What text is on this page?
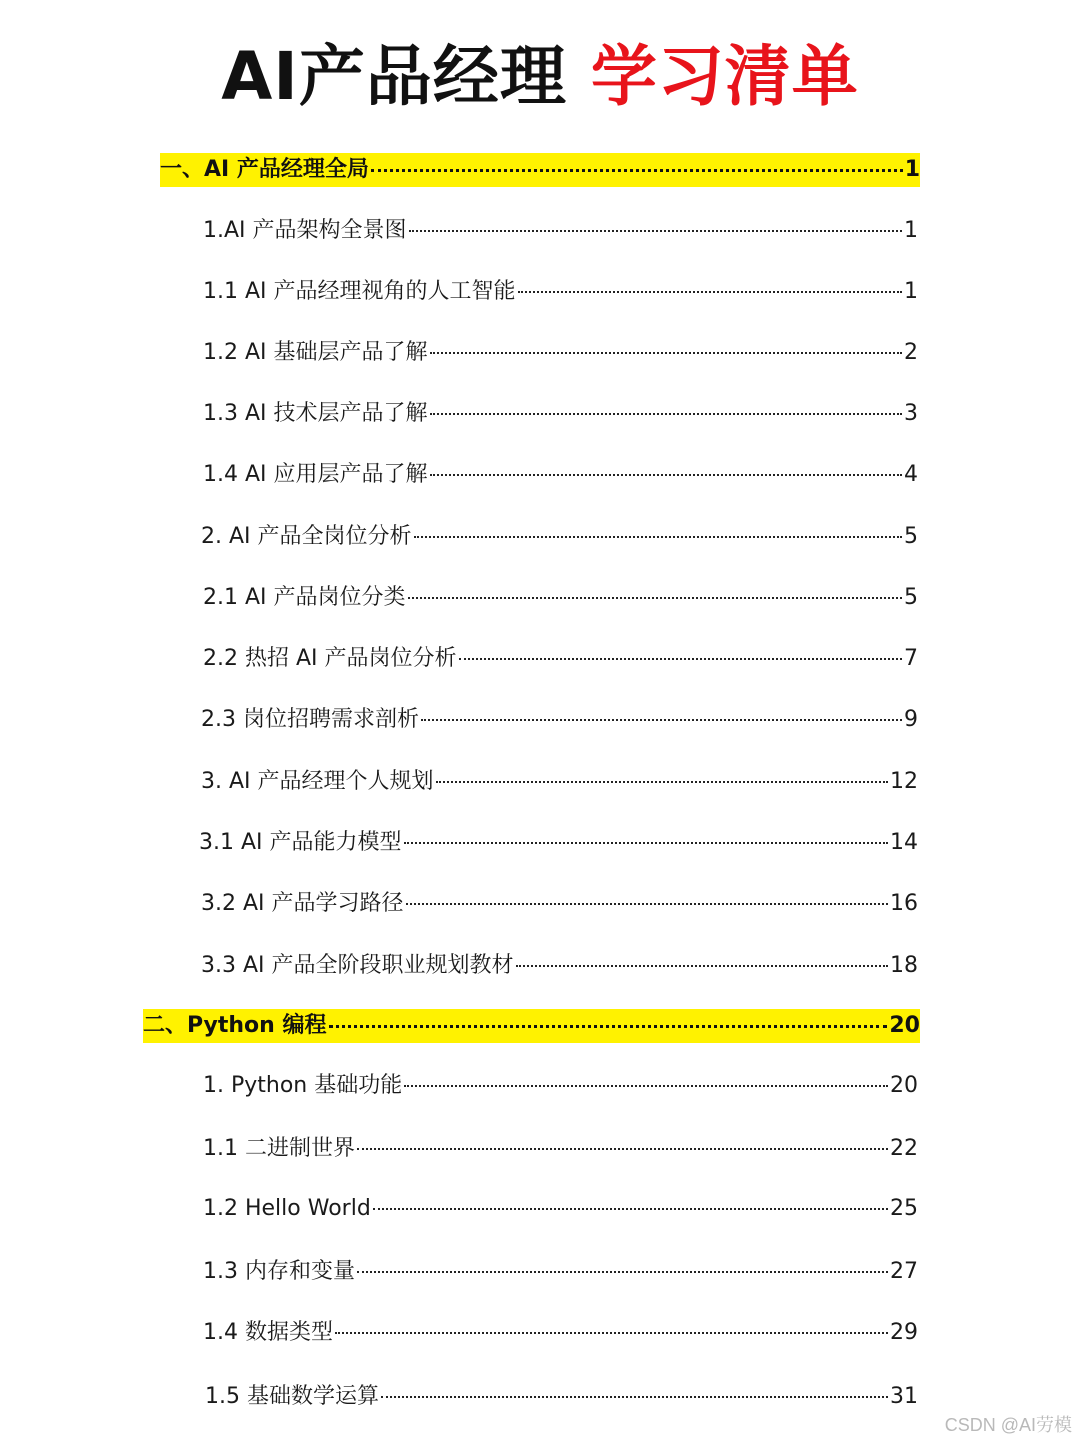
AI产品经理 学习清单
一、AI 产品经理全局	1
1.AI 产品架构全景图	1
1.1 AI 产品经理视角的人工智能	1
1.2 AI 基础层产品了解	2
1.3 AI 技术层产品了解	3
1.4 AI 应用层产品了解	4
2. AI 产品全岗位分析	5
2.1 AI 产品岗位分类	5
2.2 热招 AI 产品岗位分析	7
2.3 岗位招聘需求剖析	9
3. AI 产品经理个人规划	12
3.1 AI 产品能力模型	14
3.2 AI 产品学习路径	16
3.3 AI 产品全阶段职业规划教材	18
二、Python 编程	20
1. Python 基础功能	20
1.1 二进制世界	22
1.2 Hello World	25
1.3 内存和变量	27
1.4 数据类型	29
1.5 基础数学运算	31
CSDN @AI劳模
